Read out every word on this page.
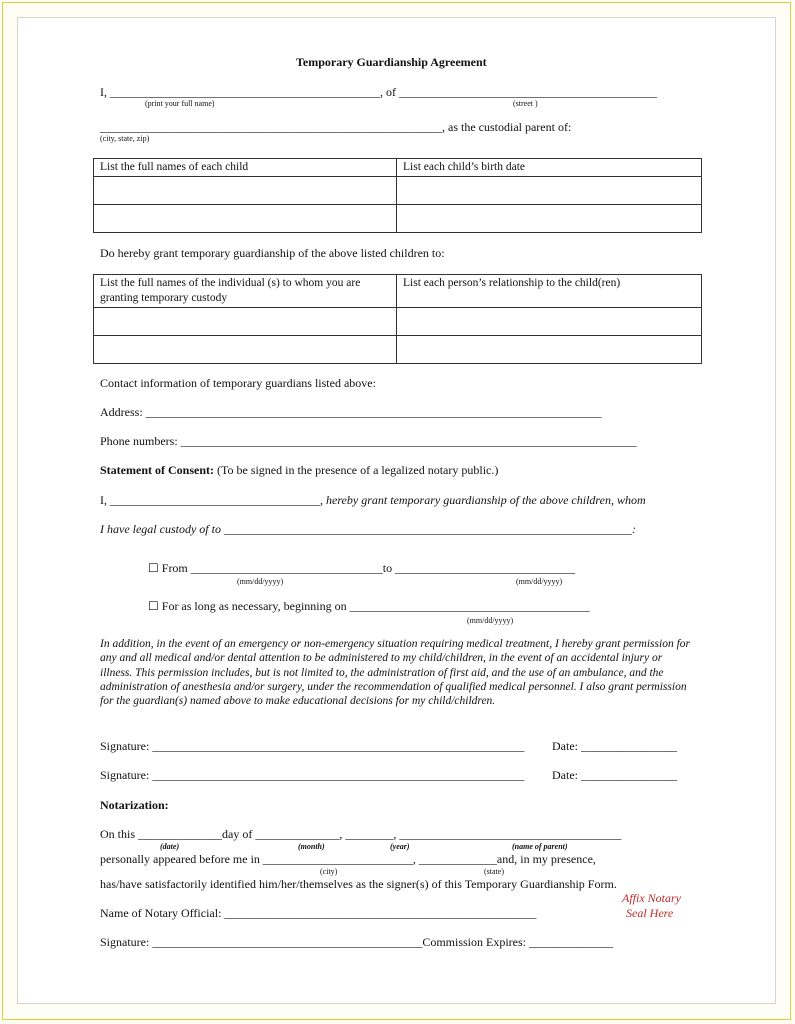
Temporary Guardianship Agreement
I, _____________________________________________, of ___________________________________________
(print your full name)	(street )
_________________________________________________________, as the custodial parent of:
(city, state, zip)
List the full names of each child	List each child’s birth date

Do hereby grant temporary guardianship of the above listed children to:
List the full names of the individual (s) to whom you are
granting temporary custody	List each person’s relationship to the child(ren)

Contact information of temporary guardians listed above:
Address: ____________________________________________________________________________
Phone numbers: ____________________________________________________________________________
Statement of Consent: (To be signed in the presence of a legalized notary public.)
I, ___________________________________, hereby grant temporary guardianship of the above children, whom
I have legal custody of to ____________________________________________________________________:
☐ From ________________________________to ______________________________
(mm/dd/yyyy)	(mm/dd/yyyy)
☐ For as long as necessary, beginning on ________________________________________
(mm/dd/yyyy)
In addition, in the event of an emergency or non-emergency situation requiring medical treatment, I hereby grant permission for any and all medical and/or dental attention to be administered to my child/children, in the event of an accidental injury or illness. This permission includes, but is not limited to, the administration of first aid, and the use of an ambulance, and the administration of anesthesia and/or surgery, under the recommendation of qualified medical personnel. I also grant permission for the guardian(s) named above to make educational decisions for my child/children.
Signature: ______________________________________________________________ Date: ________________
Signature: ______________________________________________________________ Date: ________________
Notarization:
On this ______________day of ______________, ________, _____________________________________
(date)	(month)	(year)	(name of parent)
personally appeared before me in _________________________, _____________and, in my presence,
(city)	(state)
has/have satisfactorily identified him/her/themselves as the signer(s) of this Temporary Guardianship Form.
Affix Notary
Seal Here
Name of Notary Official: ____________________________________________________
Signature: _____________________________________________Commission Expires: ______________
